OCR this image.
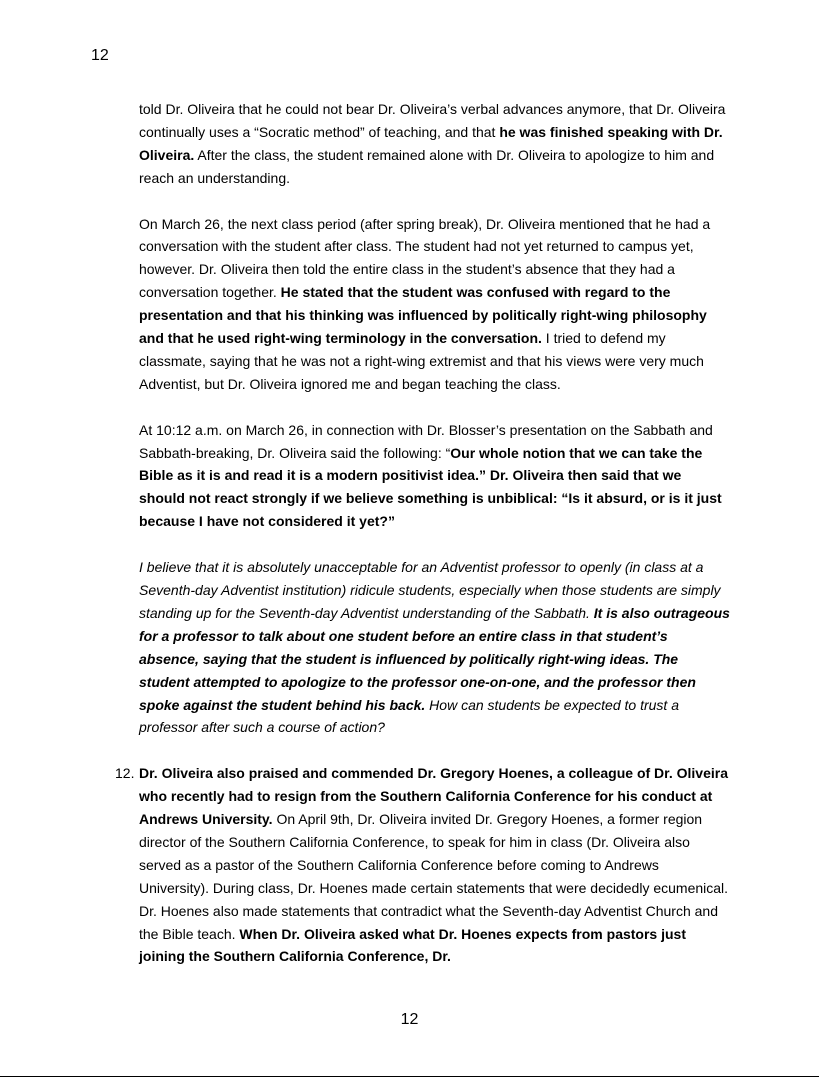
12

told Dr. Oliveira that he could not bear Dr. Oliveira’s verbal advances anymore, that Dr. Oliveira continually uses a “Socratic method” of teaching, and that he was finished speaking with Dr. Oliveira. After the class, the student remained alone with Dr. Oliveira to apologize to him and reach an understanding.

On March 26, the next class period (after spring break), Dr. Oliveira mentioned that he had a conversation with the student after class. The student had not yet returned to campus yet, however. Dr. Oliveira then told the entire class in the student’s absence that they had a conversation together. He stated that the student was confused with regard to the presentation and that his thinking was influenced by politically right-wing philosophy and that he used right-wing terminology in the conversation. I tried to defend my classmate, saying that he was not a right-wing extremist and that his views were very much Adventist, but Dr. Oliveira ignored me and began teaching the class.

At 10:12 a.m. on March 26, in connection with Dr. Blosser’s presentation on the Sabbath and Sabbath-breaking, Dr. Oliveira said the following: “Our whole notion that we can take the Bible as it is and read it is a modern positivist idea.” Dr. Oliveira then said that we should not react strongly if we believe something is unbiblical: “Is it absurd, or is it just because I have not considered it yet?”

I believe that it is absolutely unacceptable for an Adventist professor to openly (in class at a Seventh-day Adventist institution) ridicule students, especially when those students are simply standing up for the Seventh-day Adventist understanding of the Sabbath. It is also outrageous for a professor to talk about one student before an entire class in that student’s absence, saying that the student is influenced by politically right-wing ideas. The student attempted to apologize to the professor one-on-one, and the professor then spoke against the student behind his back. How can students be expected to trust a professor after such a course of action?

12. Dr. Oliveira also praised and commended Dr. Gregory Hoenes, a colleague of Dr. Oliveira who recently had to resign from the Southern California Conference for his conduct at Andrews University. On April 9th, Dr. Oliveira invited Dr. Gregory Hoenes, a former region director of the Southern California Conference, to speak for him in class (Dr. Oliveira also served as a pastor of the Southern California Conference before coming to Andrews University). During class, Dr. Hoenes made certain statements that were decidedly ecumenical. Dr. Hoenes also made statements that contradict what the Seventh-day Adventist Church and the Bible teach. When Dr. Oliveira asked what Dr. Hoenes expects from pastors just joining the Southern California Conference, Dr.

12
